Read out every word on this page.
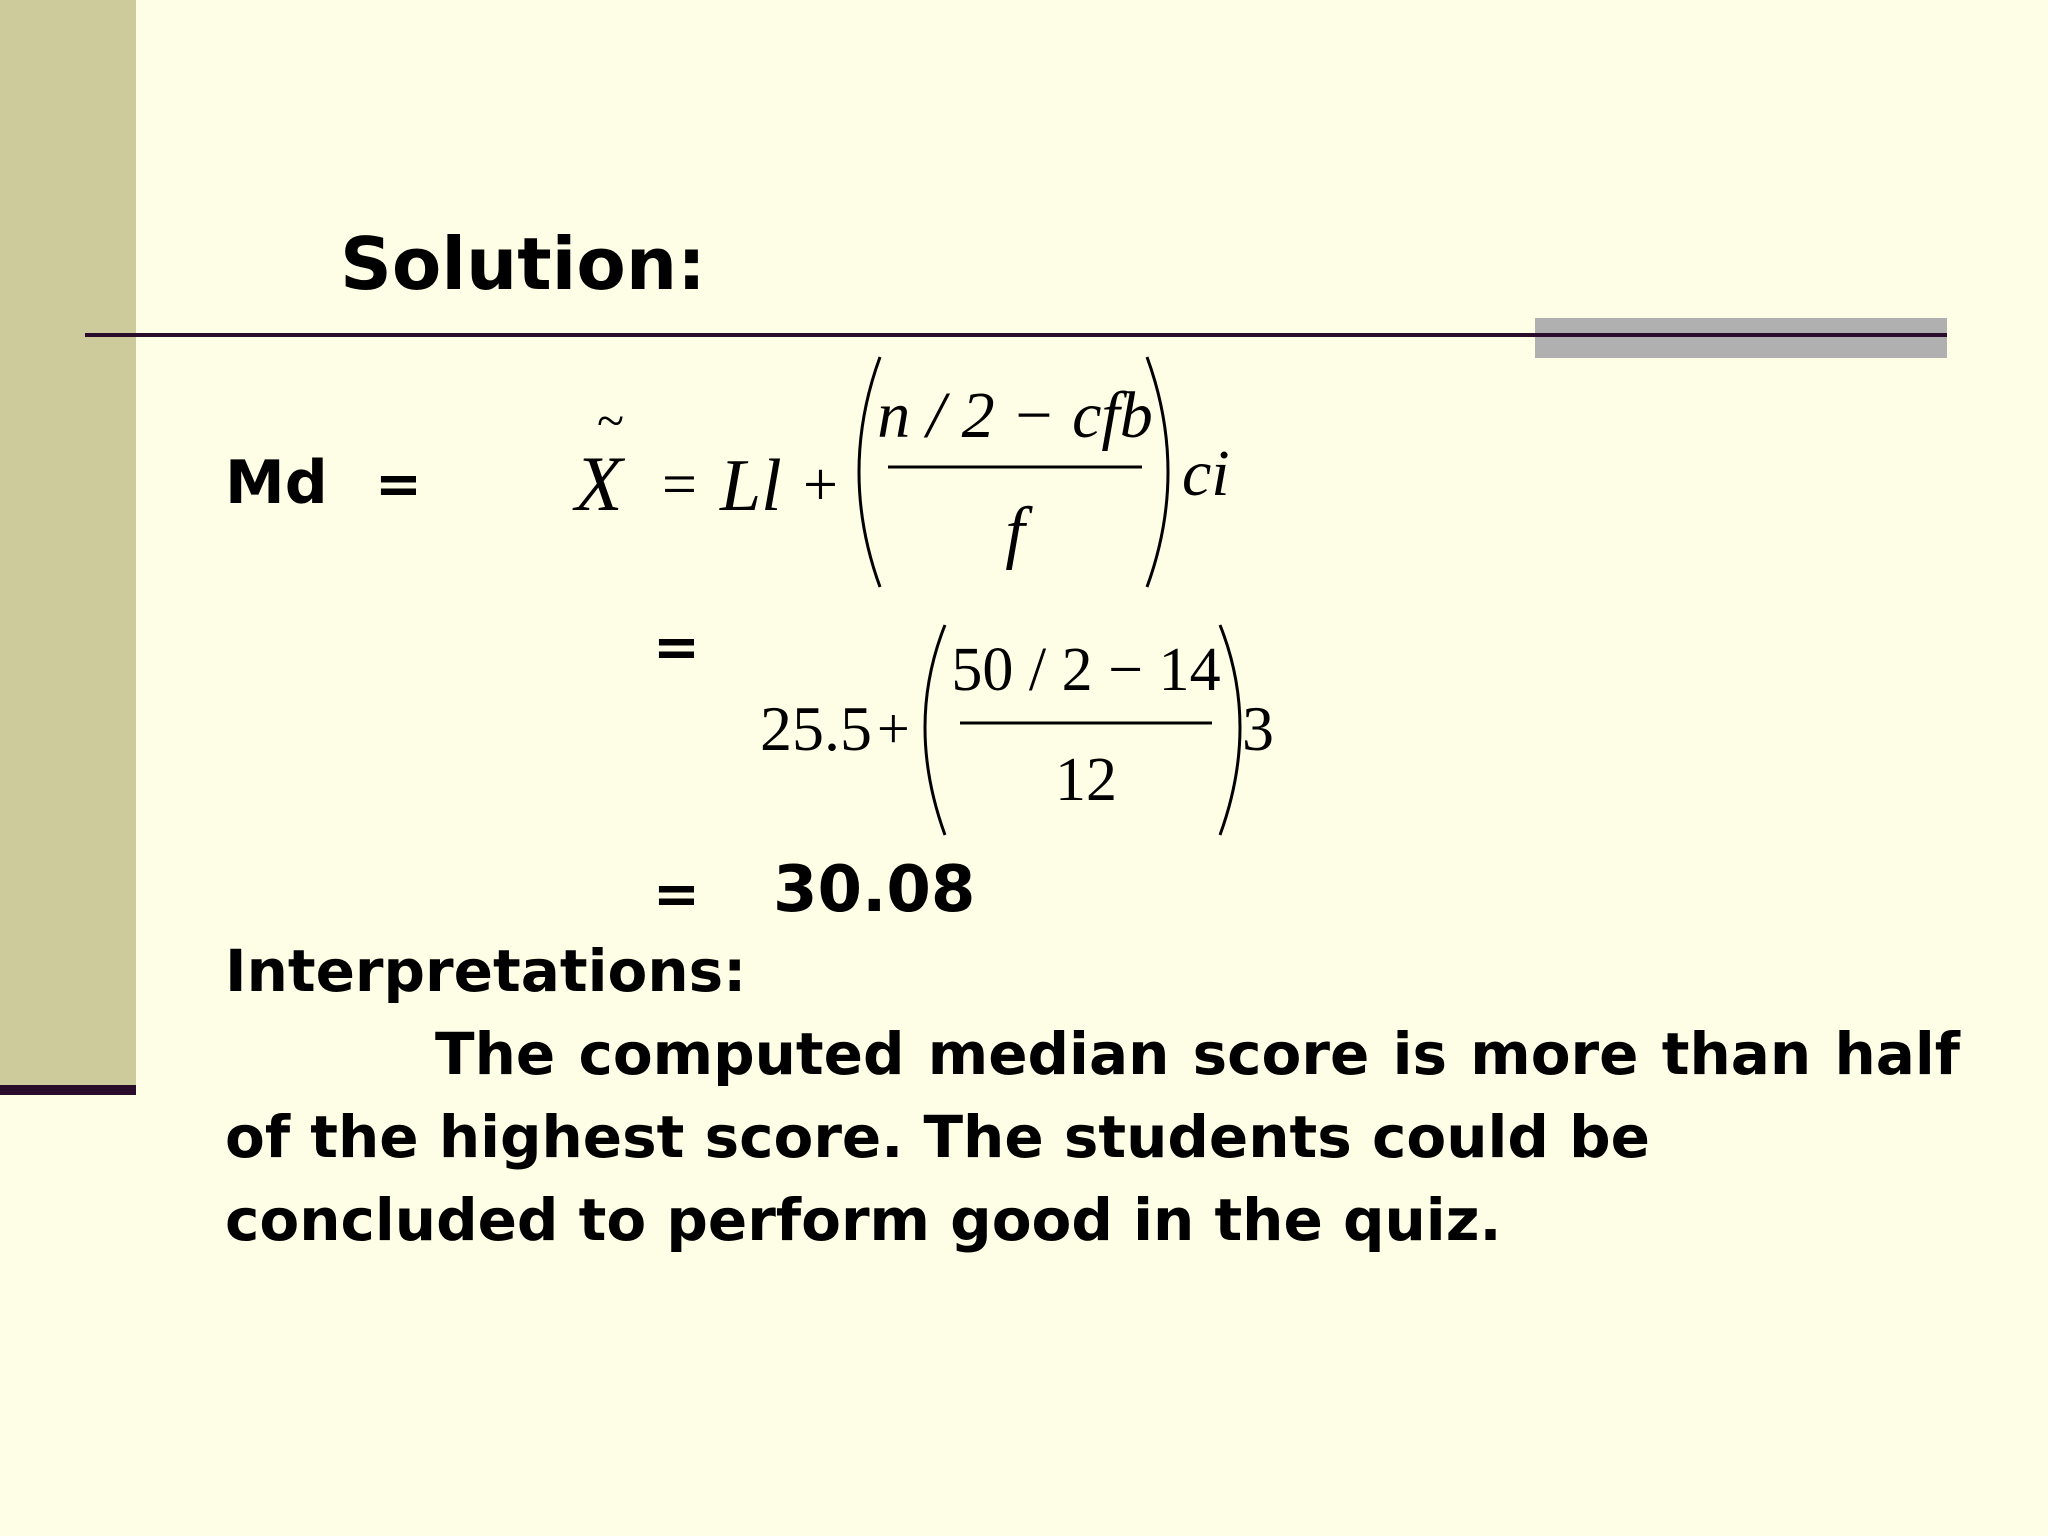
Solution:
Md = X
~
= Ll +
n / 2 − cfb
f
ci
=
25.5 +
50 / 2 − 14
12
3
= 30.08
Interpretations:

The computed median score is more than half

of the highest score. The students could be concluded to perform good in the quiz.
